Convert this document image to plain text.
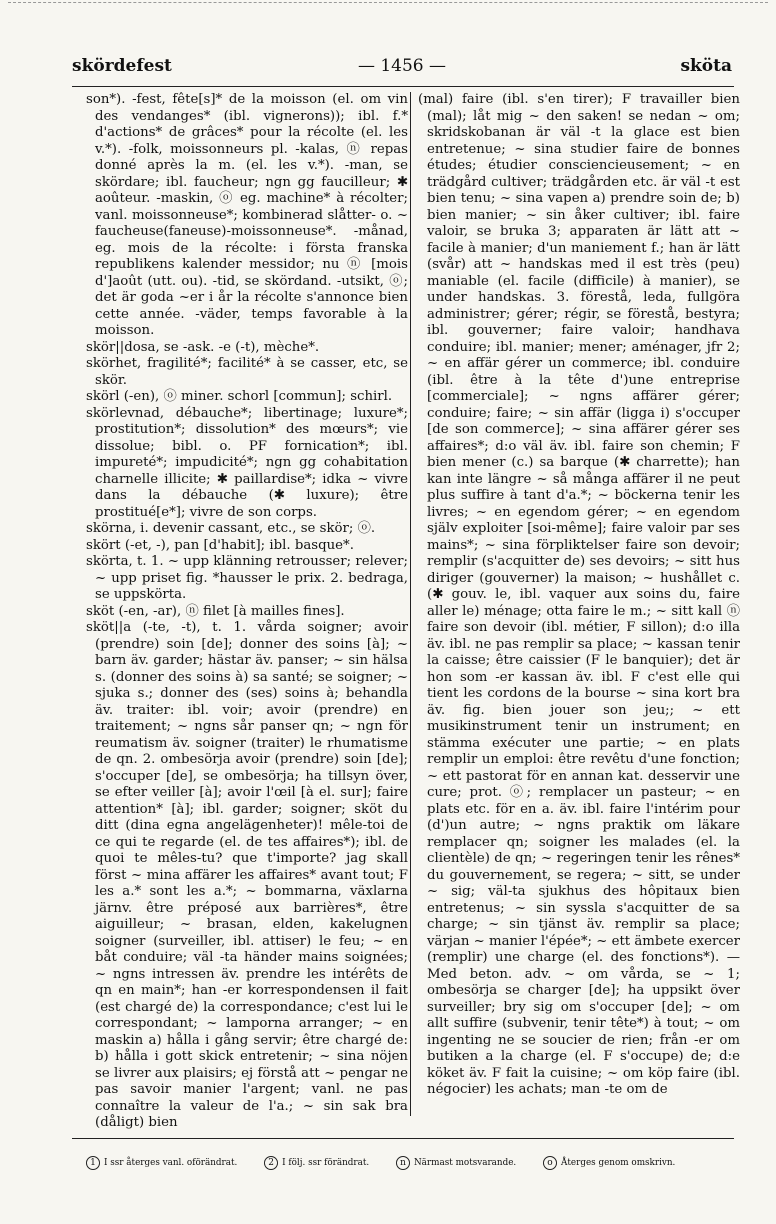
skördefest	— 1456 —	sköta

son*). -fest, fête[s]* de la moisson (el. om vin des vendanges* (ibl. vignerons)); ibl. f.* d'actions* de grâces* pour la récolte (el. les v.*). -folk, moissonneurs pl. -kalas, ⓝ repas donné après la m. (el. les v.*). -man, se skördare; ibl. faucheur; ngn gg faucilleur; ✱ aoûteur. -maskin, ⓞ eg. machine* à récolter; vanl. moissonneuse*; kombinerad slåtter- o. ~ faucheuse(faneuse)-moissonneuse*. -månad, eg. mois de la récolte: i första franska republikens kalender messidor; nu ⓝ [mois d']août (utt. ou). -tid, se skördand. -utsikt, ⓞ; det är goda ~er i år la récolte s'annonce bien cette année. -väder, temps favorable à la moisson.

skör||dosa, se -ask. -e (-t), mèche*.

skörhet, fragilité*; facilité* à se casser, etc, se skör.

skörl (-en), ⓞ miner. schorl [commun]; schirl.

skörlevnad, débauche*; libertinage; luxure*; prostitution*; dissolution* des mœurs*; vie dissolue; bibl. o. PF fornication*; ibl. impureté*; impudicité*; ngn gg cohabitation charnelle illicite; ✱ paillardise*; idka ~ vivre dans la débauche (✱ luxure); être prostitué[e*]; vivre de son corps.

skörna, i. devenir cassant, etc., se skör; ⓞ.

skört (-et, -), pan [d'habit]; ibl. basque*.

skörta, t. 1. ~ upp klänning retrousser; relever; ~ upp priset fig. *hausser le prix. 2. bedraga, se uppskörta.

sköt (-en, -ar), ⓝ filet [à mailles fines].

sköt||a (-te, -t), t. 1. vårda soigner; avoir (prendre) soin [de]; donner des soins [à]; ~ barn äv. garder; hästar äv. panser; ~ sin hälsa s. (donner des soins à) sa santé; se soigner; ~ sjuka s.; donner des (ses) soins à; behandla äv. traiter: ibl. voir; avoir (prendre) en traitement; ~ ngns sår panser qn; ~ ngn för reumatism äv. soigner (traiter) le rhumatisme de qn. 2. ombesörja avoir (prendre) soin [de]; s'occuper [de], se ombesörja; ha tillsyn över, se efter veiller [à]; avoir l'œil [à el. sur]; faire attention* [à]; ibl. garder; soigner; sköt du ditt (dina egna angelägenheter)! mêle-toi de ce qui te regarde (el. de tes affaires*); ibl. de quoi te mêles-tu? que t'importe? jag skall först ~ mina affärer les affaires* avant tout; F les a.* sont les a.*; ~ bommarna, växlarna järnv. être préposé aux barrières*, être aiguilleur; ~ brasan, elden, kakelugnen soigner (surveiller, ibl. attiser) le feu; ~ en båt conduire; väl -ta händer mains soignées; ~ ngns intressen äv. prendre les intérêts de qn en main*; han -er korrespondensen il fait (est chargé de) la correspondance; c'est lui le correspondant; ~ lamporna arranger; ~ en maskin a) hålla i gång servir; être chargé de: b) hålla i gott skick entretenir; ~ sina nöjen se livrer aux plaisirs; ej förstå att ~ pengar ne pas savoir manier l'argent; vanl. ne pas connaître la valeur de l'a.; ~ sin sak bra (dåligt) bien

(mal) faire (ibl. s'en tirer); F travailler bien (mal); låt mig ~ den saken! se nedan ~ om; skridskobanan är väl -t la glace est bien entretenue; ~ sina studier faire de bonnes études; étudier consciencieusement; ~ en trädgård cultiver; trädgården etc. är väl -t est bien tenu; ~ sina vapen a) prendre soin de; b) bien manier; ~ sin åker cultiver; ibl. faire valoir, se bruka 3; apparaten är lätt att ~ facile à manier; d'un maniement f.; han är lätt (svår) att ~ handskas med il est très (peu) maniable (el. facile (difficile) à manier), se under handskas. 3. förestå, leda, fullgöra administrer; gérer; régir, se förestå, bestyra; ibl. gouverner; faire valoir; handhava conduire; ibl. manier; mener; aménager, jfr 2; ~ en affär gérer un commerce; ibl. conduire (ibl. être à la tête d')une entreprise [commerciale]; ~ ngns affärer gérer; conduire; faire; ~ sin affär (ligga i) s'occuper [de son commerce]; ~ sina affärer gérer ses affaires*; d:o väl äv. ibl. faire son chemin; F bien mener (c.) sa barque (✱ charrette); han kan inte längre ~ så många affärer il ne peut plus suffire à tant d'a.*; ~ böckerna tenir les livres; ~ en egendom gérer; ~ en egendom själv exploiter [soi-même]; faire valoir par ses mains*; ~ sina förpliktelser faire son devoir; remplir (s'acquitter de) ses devoirs; ~ sitt hus diriger (gouverner) la maison; ~ hushållet c. (✱ gouv. le, ibl. vaquer aux soins du, faire aller le) ménage; otta faire le m.; ~ sitt kall ⓝ faire son devoir (ibl. métier, F sillon); d:o illa äv. ibl. ne pas remplir sa place; ~ kassan tenir la caisse; être caissier (F le banquier); det är hon som -er kassan äv. ibl. F c'est elle qui tient les cordons de la bourse ~ sina kort bra äv. fig. bien jouer son jeu;; ~ ett musikinstrument tenir un instrument; en stämma exécuter une partie; ~ en plats remplir un emploi: être revêtu d'une fonction; ~ ett pastorat för en annan kat. desservir une cure; prot. ⓞ; remplacer un pasteur; ~ en plats etc. för en a. äv. ibl. faire l'intérim pour (d')un autre; ~ ngns praktik om läkare remplacer qn; soigner les malades (el. la clientèle) de qn; ~ regeringen tenir les rênes* du gouvernement, se regera; ~ sitt, se under ~ sig; väl-ta sjukhus des hôpitaux bien entretenus; ~ sin syssla s'acquitter de sa charge; ~ sin tjänst äv. remplir sa place; värjan ~ manier l'épée*; ~ ett ämbete exercer (remplir) une charge (el. des fonctions*). — Med beton. adv. ~ om vårda, se ~ 1; ombesörja se charger [de]; ha uppsikt över surveiller; bry sig om s'occuper [de]; ~ om allt suffire (subvenir, tenir tête*) à tout; ~ om ingenting ne se soucier de rien; från -er om butiken a la charge (el. F s'occupe) de; d:e köket äv. F fait la cuisine; ~ om köp faire (ibl. négocier) les achats; man -te om de

1 I ssr återges vanl. oförändrat.	2 I följ. ssr förändrat.	n Närmast motsvarande.	o Återges genom omskrivn.
